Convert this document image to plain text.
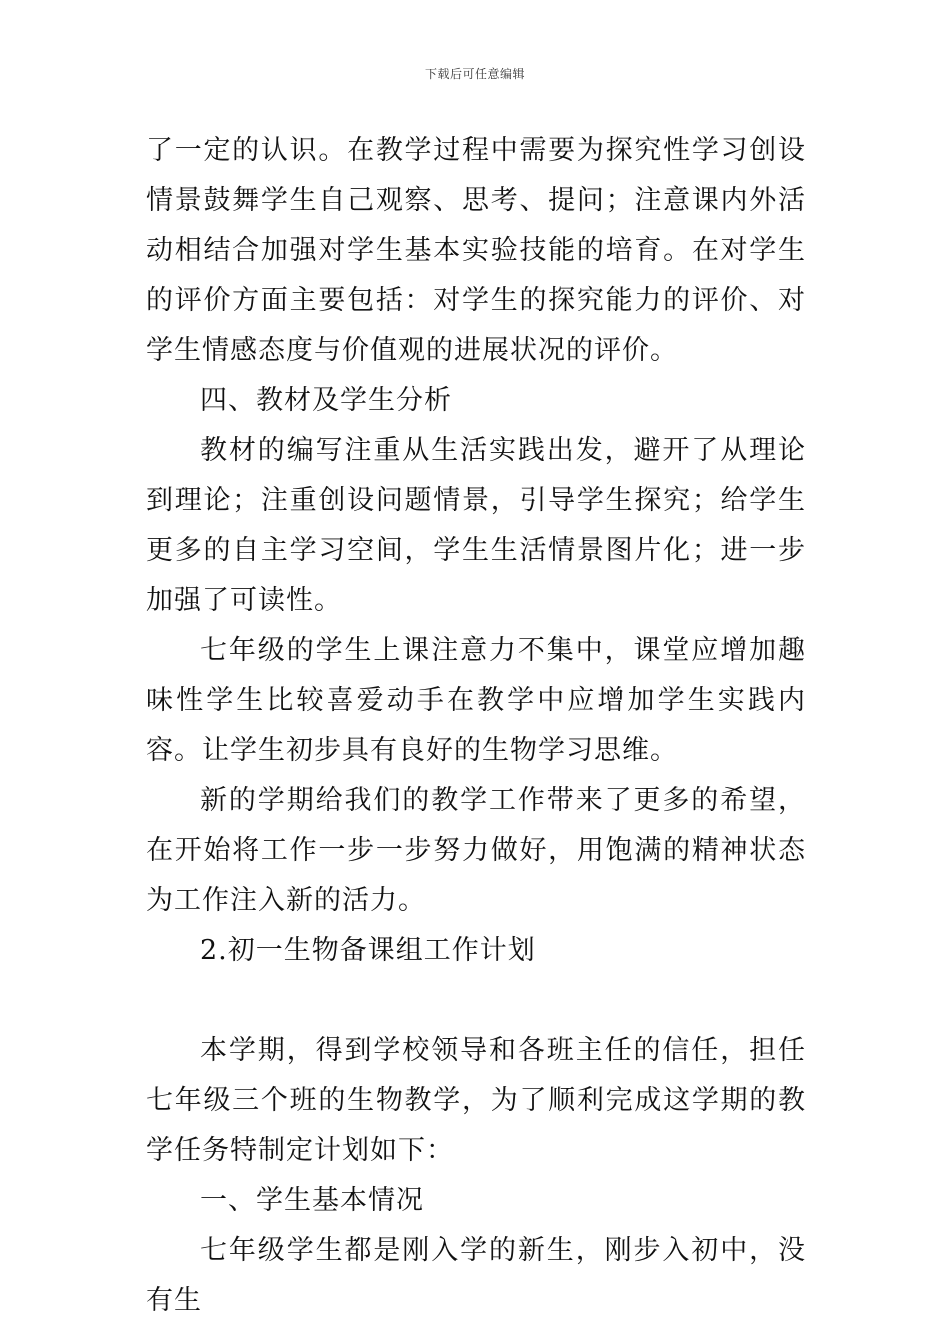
下载后可任意编辑

了一定的认识。在教学过程中需要为探究性学习创设情景鼓舞学生自己观察、思考、提问；注意课内外活动相结合加强对学生基本实验技能的培育。在对学生的评价方面主要包括：对学生的探究能力的评价、对学生情感态度与价值观的进展状况的评价。

四、教材及学生分析

教材的编写注重从生活实践出发，避开了从理论到理论；注重创设问题情景，引导学生探究；给学生更多的自主学习空间，学生生活情景图片化；进一步加强了可读性。

七年级的学生上课注意力不集中，课堂应增加趣味性学生比较喜爱动手在教学中应增加学生实践内容。让学生初步具有良好的生物学习思维。

新的学期给我们的教学工作带来了更多的希望，在开始将工作一步一步努力做好，用饱满的精神状态为工作注入新的活力。

2.初一生物备课组工作计划

本学期，得到学校领导和各班主任的信任，担任七年级三个班的生物教学，为了顺利完成这学期的教学任务特制定计划如下：

一、学生基本情况

七年级学生都是刚入学的新生，刚步入初中，没有生
